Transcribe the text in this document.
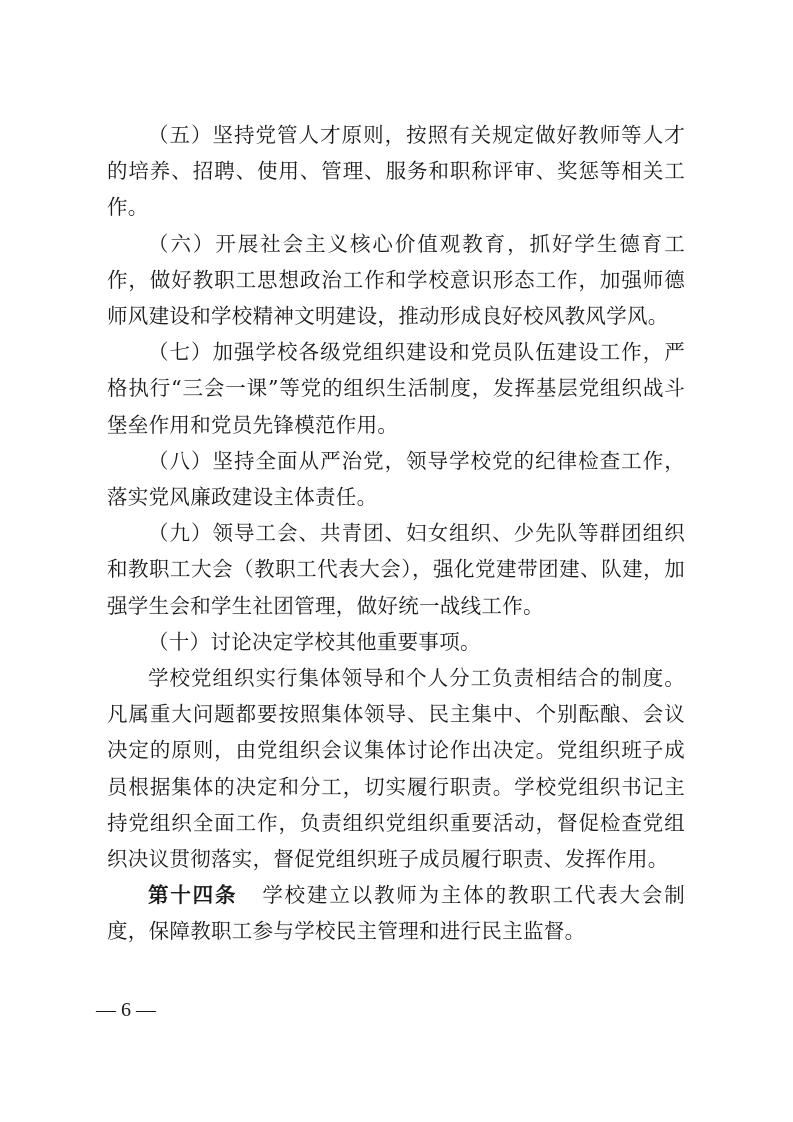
（五）坚持党管人才原则，按照有关规定做好教师等人才的培养、招聘、使用、管理、服务和职称评审、奖惩等相关工作。

（六）开展社会主义核心价值观教育，抓好学生德育工作，做好教职工思想政治工作和学校意识形态工作，加强师德师风建设和学校精神文明建设，推动形成良好校风教风学风。

（七）加强学校各级党组织建设和党员队伍建设工作，严格执行“三会一课”等党的组织生活制度，发挥基层党组织战斗堡垒作用和党员先锋模范作用。

（八）坚持全面从严治党，领导学校党的纪律检查工作，落实党风廉政建设主体责任。

（九）领导工会、共青团、妇女组织、少先队等群团组织和教职工大会（教职工代表大会），强化党建带团建、队建，加强学生会和学生社团管理，做好统一战线工作。

（十）讨论决定学校其他重要事项。

学校党组织实行集体领导和个人分工负责相结合的制度。凡属重大问题都要按照集体领导、民主集中、个别酝酿、会议决定的原则，由党组织会议集体讨论作出决定。党组织班子成员根据集体的决定和分工，切实履行职责。学校党组织书记主持党组织全面工作，负责组织党组织重要活动，督促检查党组织决议贯彻落实，督促党组织班子成员履行职责、发挥作用。

第十四条 学校建立以教师为主体的教职工代表大会制度，保障教职工参与学校民主管理和进行民主监督。

— 6 —
